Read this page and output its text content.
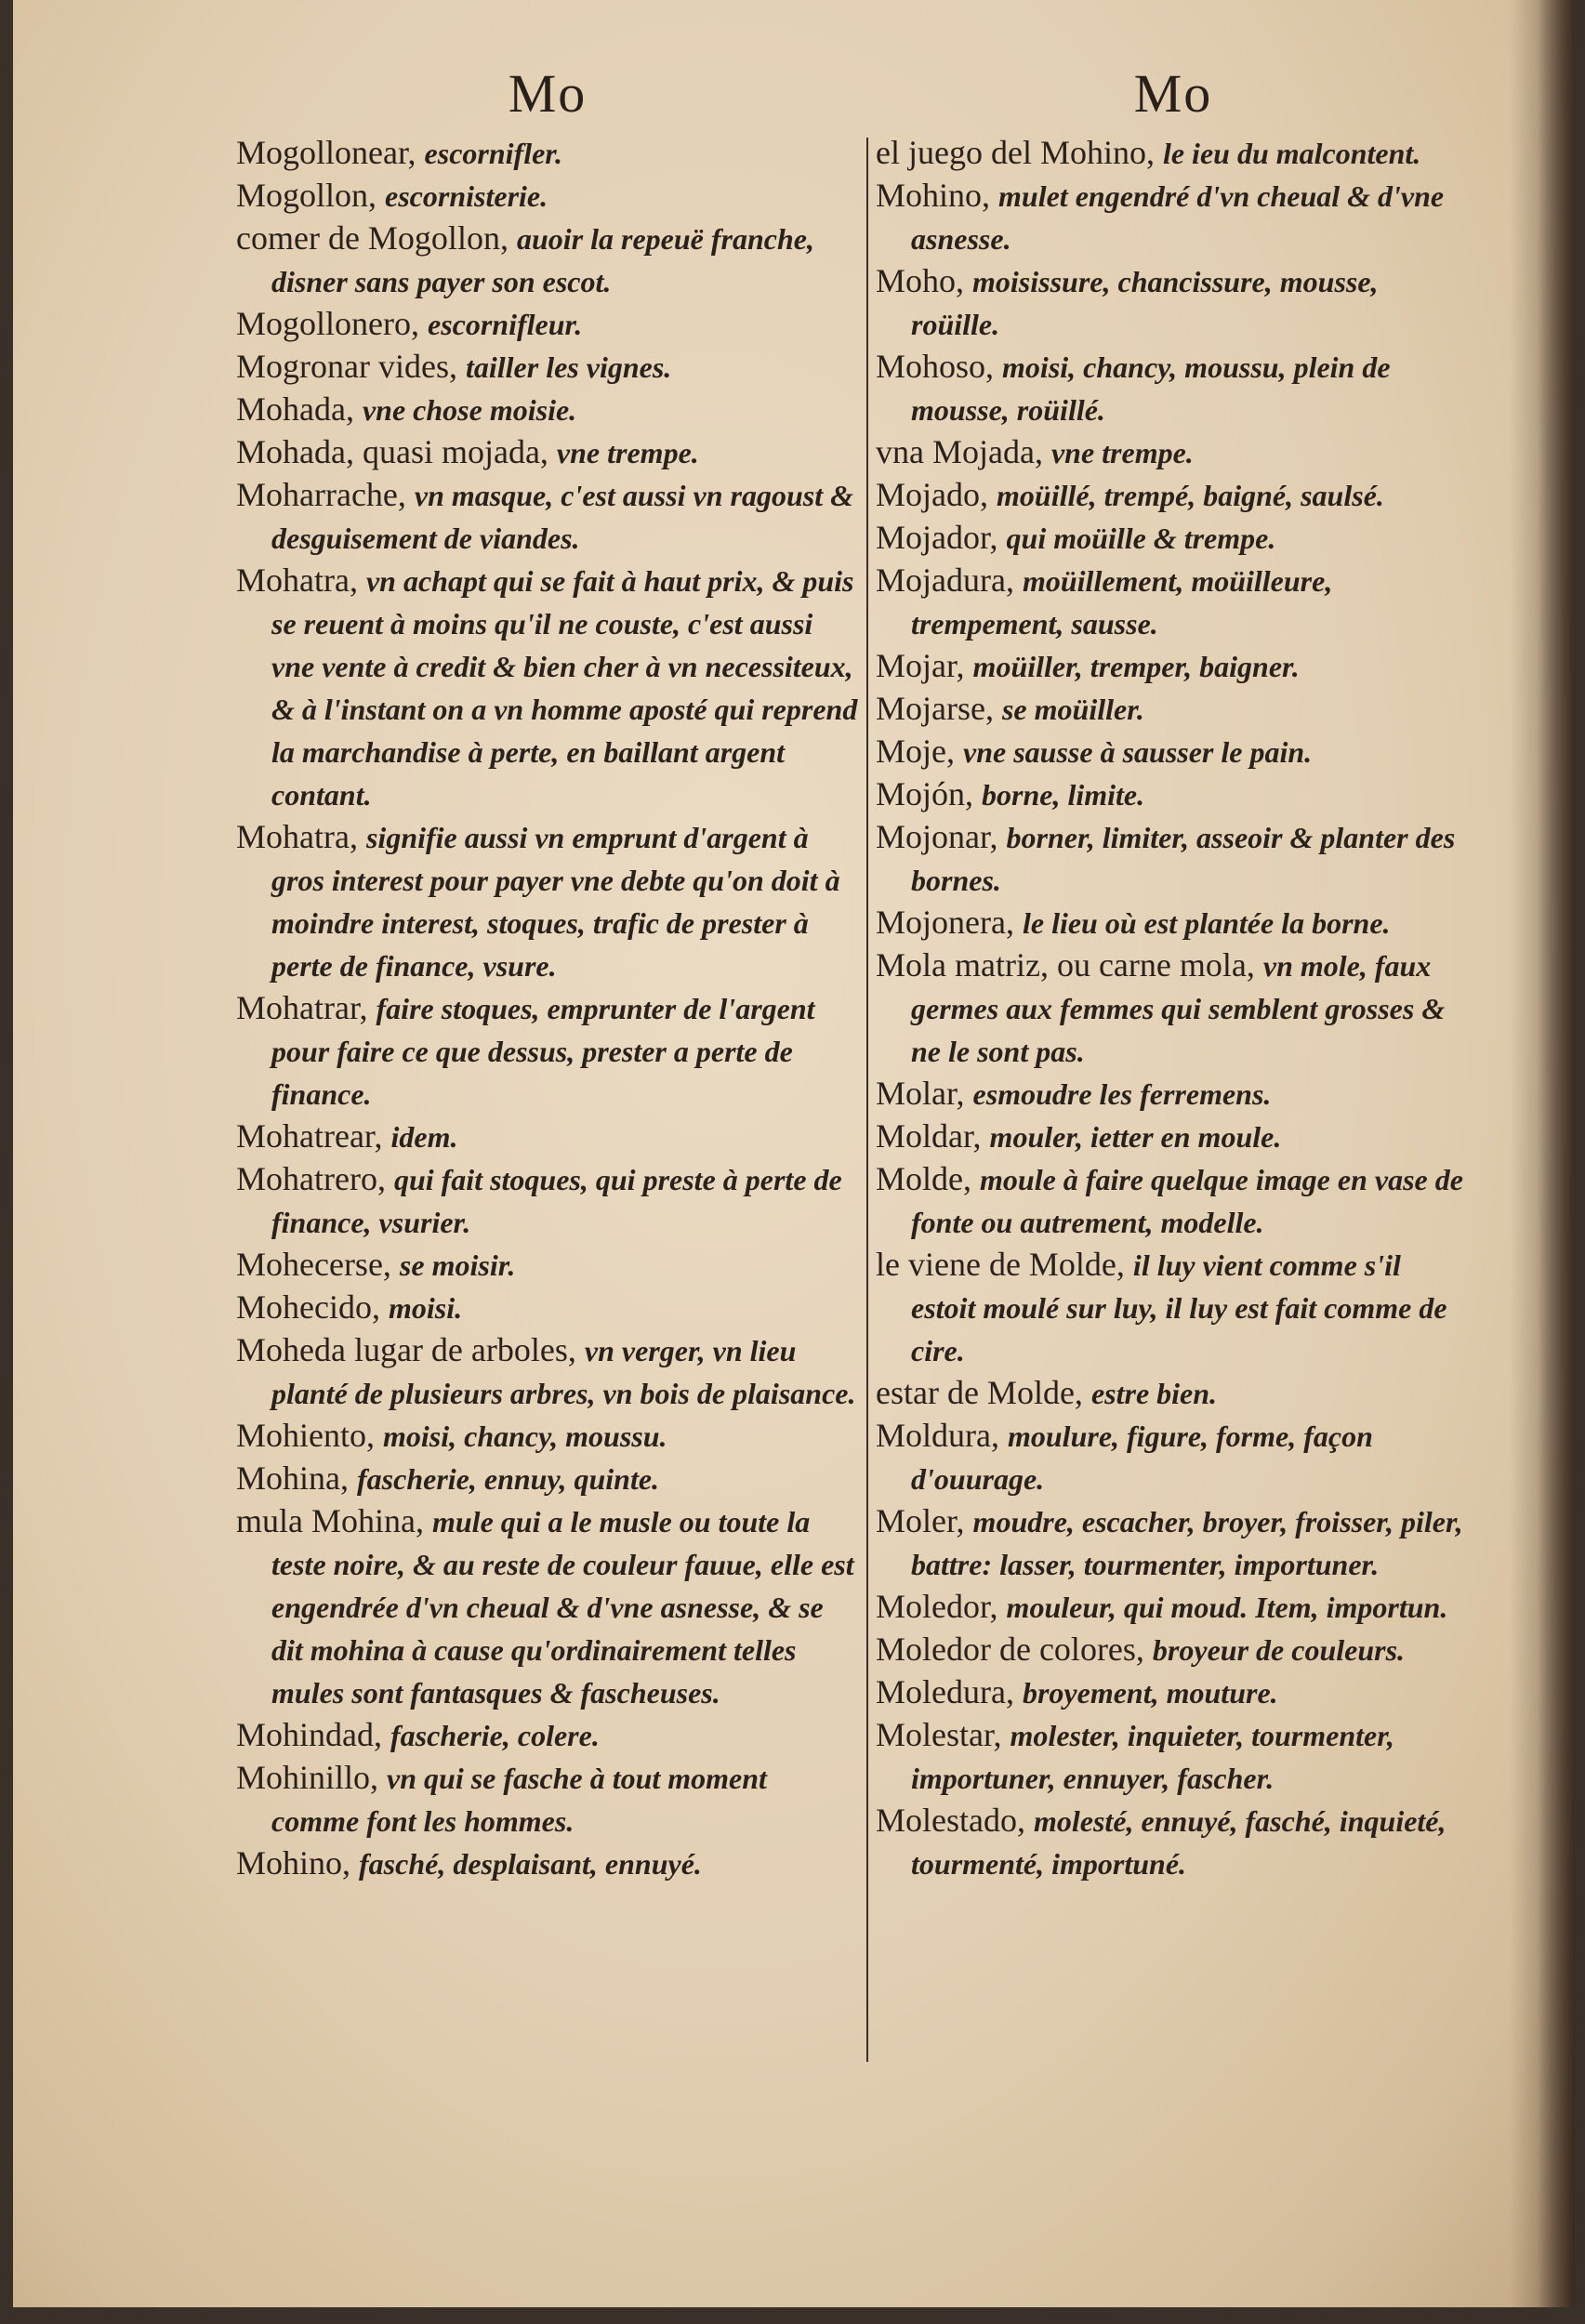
Mo
Mogollonear, escornifler.
Mogollon, escornisterie.
comer de Mogollon, auoir la repeuë franche, disner sans payer son escot.
Mogollonero, escornifleur.
Mogronar vides, tailler les vignes.
Mohada, vne chose moisie.
Mohada, quasi mojada, vne trempe.
Moharrache, vn masque, c'est aussi vn ragoust & desguisement de viandes.
Mohatra, vn achapt qui se fait à haut prix, & puis se reuent à moins qu'il ne couste, c'est aussi vne vente à credit & bien cher à vn necessiteux, & à l'instant on a vn homme aposté qui reprend la marchandise à perte, en baillant argent contant.
Mohatra, signifie aussi vn emprunt d'argent à gros interest pour payer vne debte qu'on doit à moindre interest, stoques, trafic de prester à perte de finance, vsure.
Mohatrar, faire stoques, emprunter de l'argent pour faire ce que dessus, prester a perte de finance.
Mohatrear, idem.
Mohatrero, qui fait stoques, qui preste à perte de finance, vsurier.
Mohecerse, se moisir.
Mohecido, moisi.
Moheda lugar de arboles, vn verger, vn lieu planté de plusieurs arbres, vn bois de plaisance.
Mohiento, moisi, chancy, moussu.
Mohina, fascherie, ennuy, quinte.
mula Mohina, mule qui a le musle ou toute la teste noire, & au reste de couleur fauue, elle est engendrée d'vn cheual & d'vne asnesse, & se dit mohina à cause qu'ordinairement telles mules sont fantasques & fascheuses.
Mohindad, fascherie, colere.
Mohinillo, vn qui se fasche à tout moment comme font les hommes.
Mohino, fasché, desplaisant, ennuyé.
Mo
el juego del Mohino, le ieu du malcontent.
Mohino, mulet engendré d'vn cheual & d'vne asnesse.
Moho, moisissure, chancissure, mousse, roüille.
Mohoso, moisi, chancy, moussu, plein de mousse, roüillé.
vna Mojada, vne trempe.
Mojado, moüillé, trempé, baigné, saulsé.
Mojador, qui moüille & trempe.
Mojadura, moüillement, moüilleure, trempement, sausse.
Mojar, moüiller, tremper, baigner.
Mojarse, se moüiller.
Moje, vne sausse à sausser le pain.
Mojón, borne, limite.
Mojonar, borner, limiter, asseoir & planter des bornes.
Mojonera, le lieu où est plantée la borne.
Mola matriz, ou carne mola, vn mole, faux germes aux femmes qui semblent grosses & ne le sont pas.
Molar, esmoudre les ferremens.
Moldar, mouler, ietter en moule.
Molde, moule à faire quelque image en vase de fonte ou autrement, modelle.
le viene de Molde, il luy vient comme s'il estoit moulé sur luy, il luy est fait comme de cire.
estar de Molde, estre bien.
Moldura, moulure, figure, forme, façon d'ouurage.
Moler, moudre, escacher, broyer, froisser, piler, battre: lasser, tourmenter, importuner.
Moledor, mouleur, qui moud. Item, importun.
Moledor de colores, broyeur de couleurs.
Moledura, broyement, mouture.
Molestar, molester, inquieter, tourmenter, importuner, ennuyer, fascher.
Molestado, molesté, ennuyé, fasché, inquieté, tourmenté, importuné.
